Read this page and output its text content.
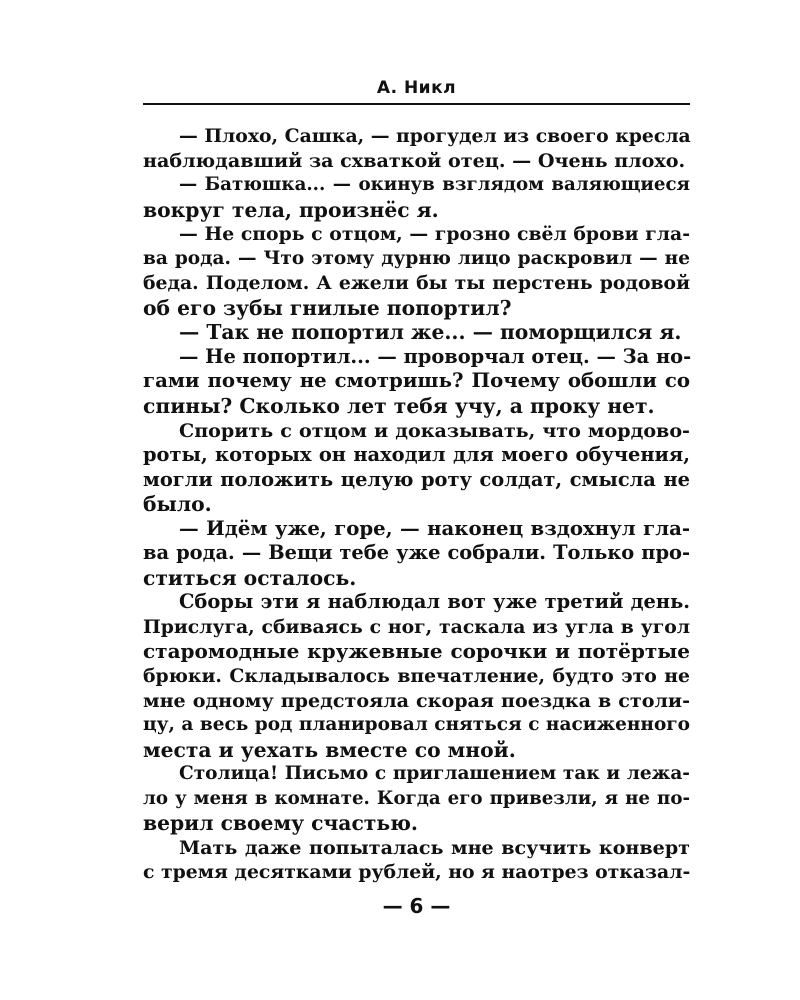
А. Никл
— Плохо, Сашка, — прогудел из своего кресла
наблюдавший за схваткой отец. — Очень плохо.
— Батюшка... — окинув взглядом валяющиеся
вокруг тела, произнёс я.
— Не спорь с отцом, — грозно свёл брови гла-
ва рода. — Что этому дурню лицо раскровил — не
беда. Поделом. А ежели бы ты перстень родовой
об его зубы гнилые попортил?
— Так не попортил же... — поморщился я.
— Не попортил... — проворчал отец. — За но-
гами почему не смотришь? Почему обошли со
спины? Сколько лет тебя учу, а проку нет.
Спорить с отцом и доказывать, что мордово-
роты, которых он находил для моего обучения,
могли положить целую роту солдат, смысла не
было.
— Идём уже, горе, — наконец вздохнул гла-
ва рода. — Вещи тебе уже собрали. Только про-
ститься осталось.
Сборы эти я наблюдал вот уже третий день.
Прислуга, сбиваясь с ног, таскала из угла в угол
старомодные кружевные сорочки и потёртые
брюки. Складывалось впечатление, будто это не
мне одному предстояла скорая поездка в столи-
цу, а весь род планировал сняться с насиженного
места и уехать вместе со мной.
Столица! Письмо с приглашением так и лежа-
ло у меня в комнате. Когда его привезли, я не по-
верил своему счастью.
Мать даже попыталась мне всучить конверт
с тремя десятками рублей, но я наотрез отказал-
— 6 —
